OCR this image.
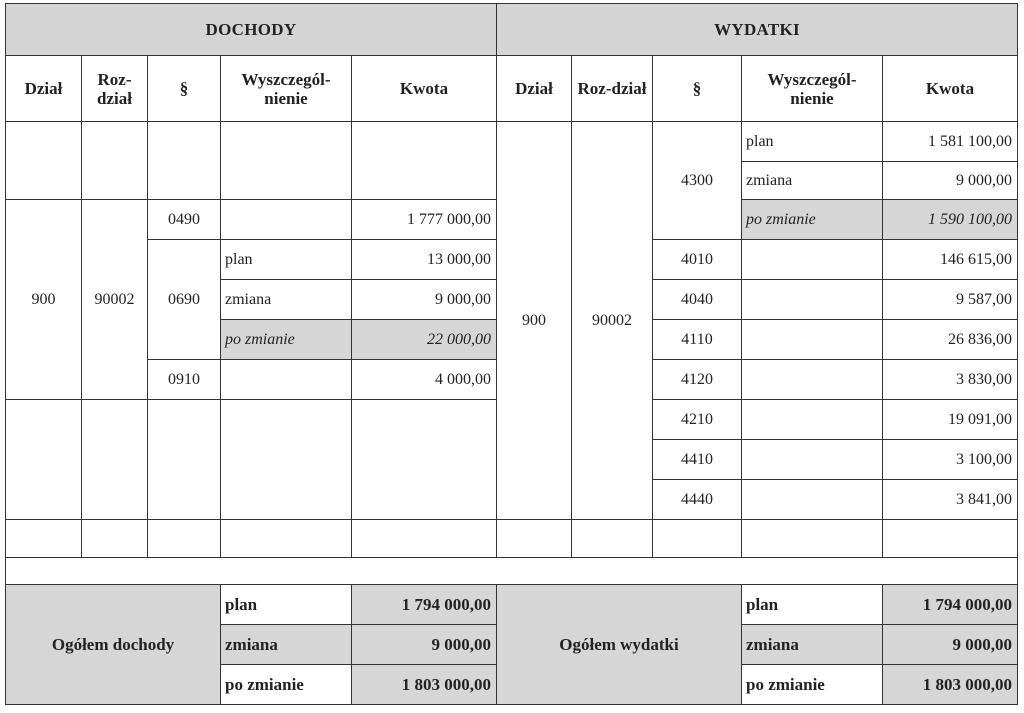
DOCHODY					WYDATKI				
Dział	Roz-dział	§	Wyszczegól-nienie	Kwota	Dział	Roz-dział	§	Wyszczegól-nienie	Kwota
					900	90002	4300	plan	1 581 100,00
								zmiana	9 000,00
900	90002	0490		1 777 000,00				po zmianie	1 590 100,00
		0690	plan	13 000,00			4010		146 615,00
			zmiana	9 000,00			4040		9 587,00
			po zmianie	22 000,00			4110		26 836,00
		0910		4 000,00			4120		3 830,00
							4210		19 091,00
							4410		3 100,00
							4440		3 841,00

Ogółem dochody			plan	1 794 000,00	Ogółem wydatki			plan	1 794 000,00
			zmiana	9 000,00				zmiana	9 000,00
			po zmianie	1 803 000,00				po zmianie	1 803 000,00
